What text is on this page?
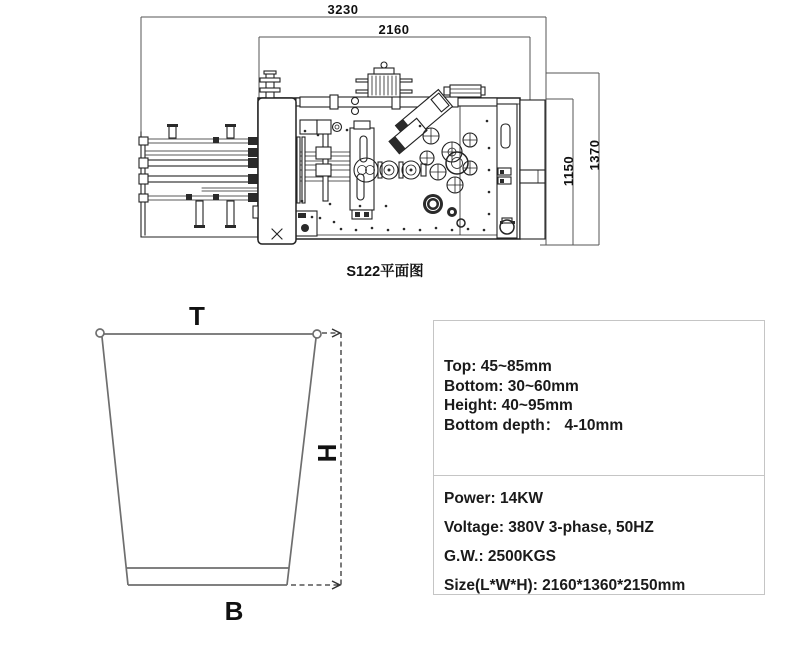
3230
2160
1150
1370
S122平面图
T
B
H
Top: 45~85mm
Bottom: 30~60mm
Height: 40~95mm
Bottom depth： 4-10mm
Power: 14KW
Voltage: 380V 3-phase, 50HZ
G.W.: 2500KGS
Size(L*W*H): 2160*1360*2150mm
